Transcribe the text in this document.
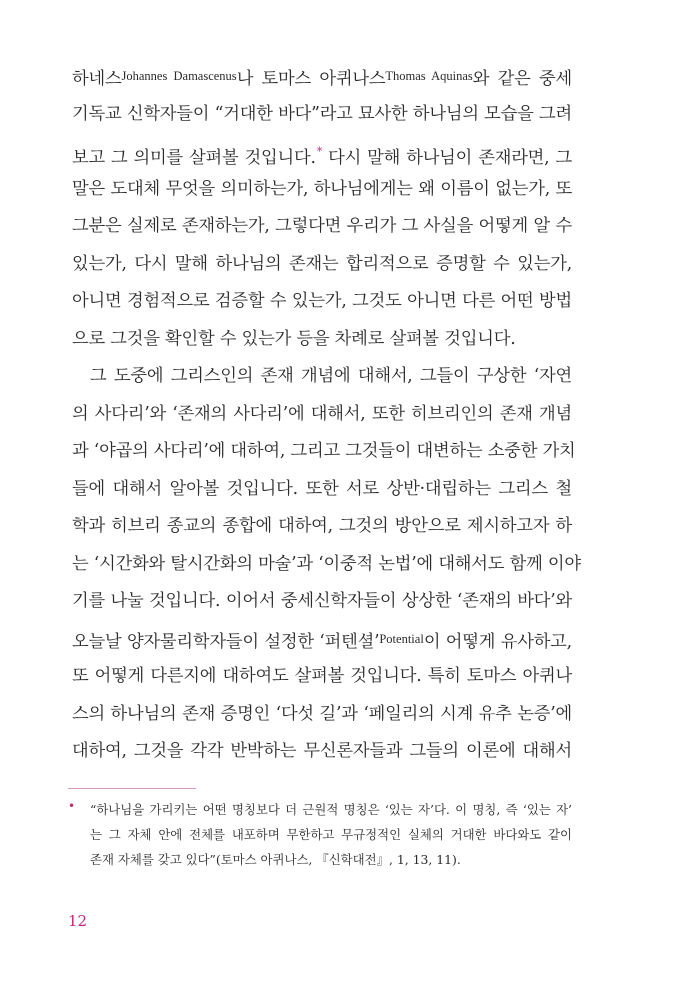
하네스$^{Johannes Damascenus}$나 토마스 아퀴나스$^{Thomas Aquinas}$와 같은 중세
기독교 신학자들이 “거대한 바다”라고 묘사한 하나님의 모습을 그려
보고 그 의미를 살펴볼 것입니다.* 다시 말해 하나님이 존재라면, 그
말은 도대체 무엇을 의미하는가, 하나님에게는 왜 이름이 없는가, 또
그분은 실제로 존재하는가, 그렇다면 우리가 그 사실을 어떻게 알 수
있는가, 다시 말해 하나님의 존재는 합리적으로 증명할 수 있는가,
아니면 경험적으로 검증할 수 있는가, 그것도 아니면 다른 어떤 방법
으로 그것을 확인할 수 있는가 등을 차례로 살펴볼 것입니다.
그 도중에 그리스인의 존재 개념에 대해서, 그들이 구상한 ‘자연
의 사다리’와 ‘존재의 사다리’에 대해서, 또한 히브리인의 존재 개념
과 ‘야곱의 사다리’에 대하여, 그리고 그것들이 대변하는 소중한 가치
들에 대해서 알아볼 것입니다. 또한 서로 상반·대립하는 그리스 철
학과 히브리 종교의 종합에 대하여, 그것의 방안으로 제시하고자 하
는 ‘시간화와 탈시간화의 마술’과 ‘이중적 논법’에 대해서도 함께 이야
기를 나눌 것입니다. 이어서 중세신학자들이 상상한 ‘존재의 바다’와
오늘날 양자물리학자들이 설정한 ‘퍼텐셜’$^{Potential}$이 어떻게 유사하고,
또 어떻게 다른지에 대하여도 살펴볼 것입니다. 특히 토마스 아퀴나
스의 하나님의 존재 증명인 ‘다섯 길’과 ‘페일리의 시계 유추 논증’에
대하여, 그것을 각각 반박하는 무신론자들과 그들의 이론에 대해서
• “하나님을 가리키는 어떤 명칭보다 더 근원적 명칭은 ‘있는 자’다. 이 명칭, 즉 ‘있는 자’
는 그 자체 안에 전체를 내포하며 무한하고 무규정적인 실체의 거대한 바다와도 같이
존재 자체를 갖고 있다”(토마스 아퀴나스, 『신학대전』, 1, 13, 11).
12
